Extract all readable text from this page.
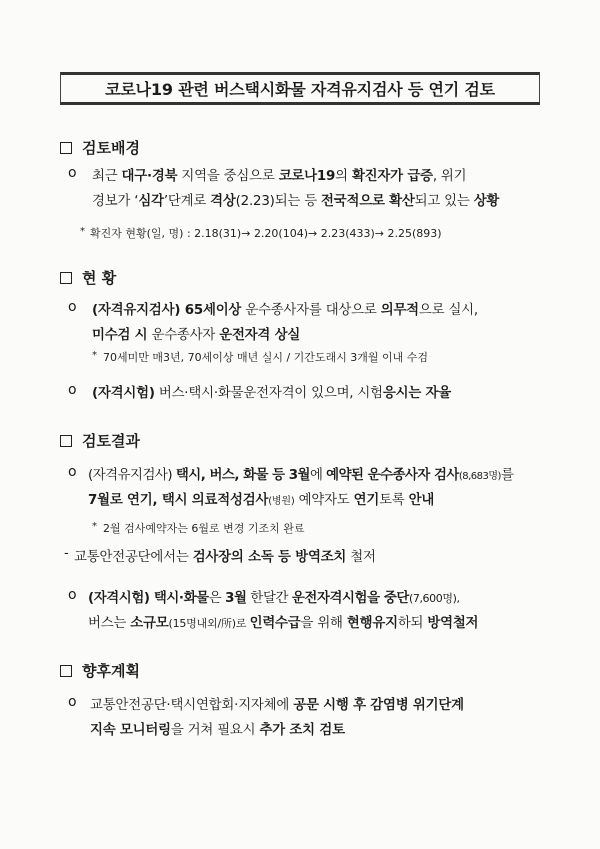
코로나19 관련 버스택시화물 자격유지검사 등 연기 검토
검토배경
ο 최근 대구·경북 지역을 중심으로 코로나19의 확진자가 급증, 위기
경보가 ‘심각’단계로 격상(2.23)되는 등 전국적으로 확산되고 있는 상황
* 확진자 현황(일, 명) : 2.18(31)→ 2.20(104)→ 2.23(433)→ 2.25(893)
현 황
ο (자격유지검사) 65세이상 운수종사자를 대상으로 의무적으로 실시,
미수검 시 운수종사자 운전자격 상실
* 70세미만 매3년, 70세이상 매년 실시 / 기간도래시 3개월 이내 수검
ο (자격시험) 버스·택시·화물운전자격이 있으며, 시험응시는 자율
검토결과
ο (자격유지검사) 택시, 버스, 화물 등 3월에 예약된 운수종사자 검사(8,683명)를
7월로 연기, 택시 의료적성검사(병원) 예약자도 연기토록 안내
* 2월 검사예약자는 6월로 변경 기조치 완료
- 교통안전공단에서는 검사장의 소독 등 방역조치 철저
ο (자격시험) 택시·화물은 3월 한달간 운전자격시험을 중단(7,600명),
버스는 소규모(15명내외/所)로 인력수급을 위해 현행유지하되 방역철저
향후계획
ο 교통안전공단·택시연합회·지자체에 공문 시행 후 감염병 위기단계
지속 모니터링을 거쳐 필요시 추가 조치 검토
